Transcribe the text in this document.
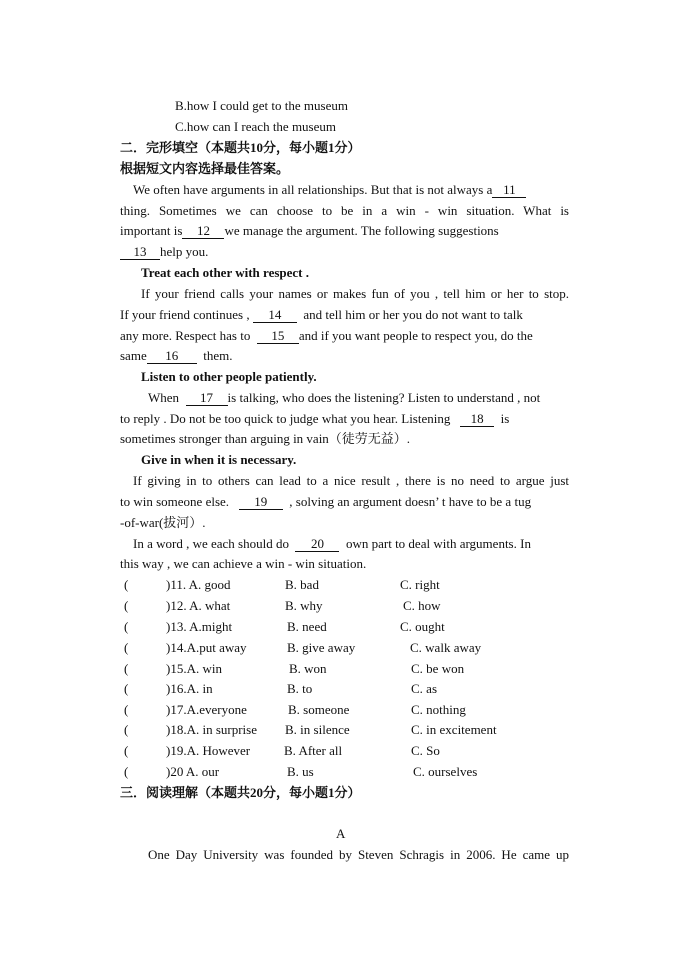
B.how I could get to the museum
C.how can I reach the museum
二．完形填空（本题共10分，每小题1分）
根据短文内容选择最佳答案。
We often have arguments in all relationships. But that is not always a 11
thing. Sometimes we can choose to be in a win - win situation. What is
important is 12 we manage the argument. The following suggestions
13 help you.
Treat each other with respect .
If your friend calls your names or makes fun of you , tell him or her to stop.
If your friend continues , 14 and tell him or her you do not want to talk
any more. Respect has to 15 and if you want people to respect you, do the
same 16 them.
Listen to other people patiently.
When 17 is talking, who does the listening? Listen to understand , not
to reply . Do not be too quick to judge what you hear. Listening 18 is
sometimes stronger than arguing in vain（徒劳无益）.
Give in when it is necessary.
If giving in to others can lead to a nice result , there is no need to argue just
to win someone else. 19 , solving an argument doesn’ t have to be a tug
-of-war(拔河）.
In a word , we each should do 20 own part to deal with arguments. In
this way , we can achieve a win - win situation.
(	)11. A. good	B. bad	C. right
(	)12. A. what	B. why	C. how
(	)13. A.might	B. need	C. ought
(	)14.A.put away	B. give away	C. walk away
(	)15.A. win	B. won	C. be won
(	)16.A. in	B. to	C. as
(	)17.A.everyone	B. someone	C. nothing
(	)18.A. in surprise B. in silence	C. in excitement
(	)19.A. However	B. After all	C. So
(	)20 A. our	B. us	C. ourselves
三．阅读理解（本题共20分，每小题1分）
A
One Day University was founded by Steven Schragis in 2006. He came up
